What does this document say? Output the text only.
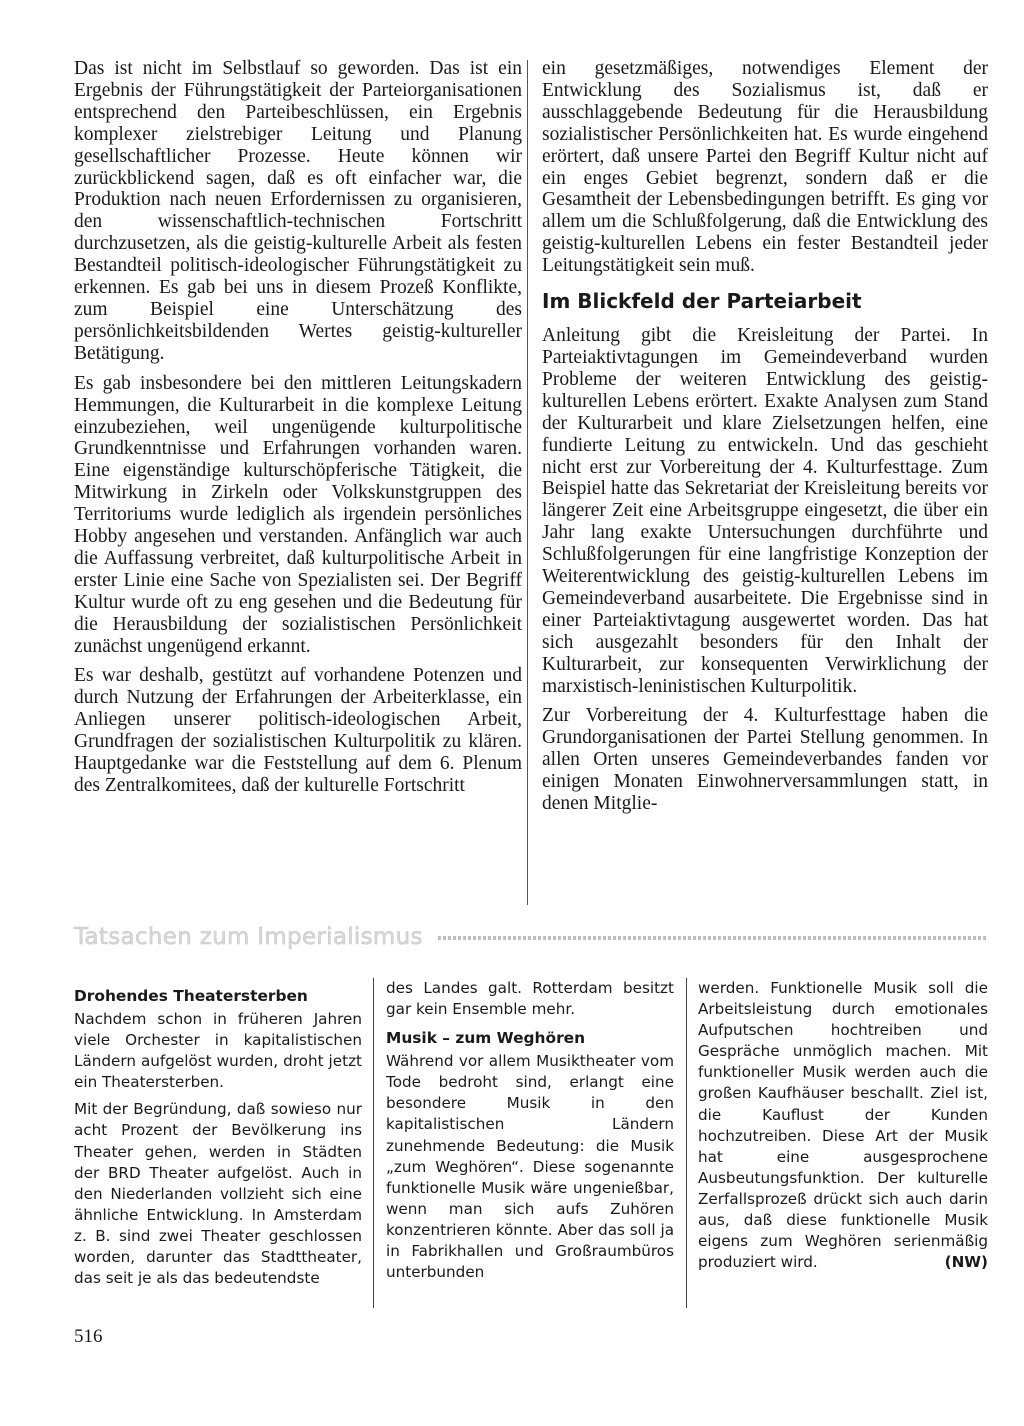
Das ist nicht im Selbstlauf so geworden. Das ist ein Ergebnis der Führungstätigkeit der Parteiorganisationen entsprechend den Parteibeschlüssen, ein Ergebnis komplexer zielstrebiger Leitung und Planung gesellschaftlicher Prozesse. Heute können wir zurückblickend sagen, daß es oft einfacher war, die Produktion nach neuen Erfordernissen zu organisieren, den wissenschaftlich-technischen Fortschritt durchzusetzen, als die geistig-kulturelle Arbeit als festen Bestandteil politisch-ideologischer Führungstätigkeit zu erkennen. Es gab bei uns in diesem Prozeß Konflikte, zum Beispiel eine Unterschätzung des persönlichkeitsbildenden Wertes geistig-kultureller Betätigung.

Es gab insbesondere bei den mittleren Leitungskadern Hemmungen, die Kulturarbeit in die komplexe Leitung einzubeziehen, weil ungenügende kulturpolitische Grundkenntnisse und Erfahrungen vorhanden waren. Eine eigenständige kulturschöpferische Tätigkeit, die Mitwirkung in Zirkeln oder Volkskunstgruppen des Territoriums wurde lediglich als irgendein persönliches Hobby angesehen und verstanden. Anfänglich war auch die Auffassung verbreitet, daß kulturpolitische Arbeit in erster Linie eine Sache von Spezialisten sei. Der Begriff Kultur wurde oft zu eng gesehen und die Bedeutung für die Herausbildung der sozialistischen Persönlichkeit zunächst ungenügend erkannt.

Es war deshalb, gestützt auf vorhandene Potenzen und durch Nutzung der Erfahrungen der Arbeiterklasse, ein Anliegen unserer politisch-ideologischen Arbeit, Grundfragen der sozialistischen Kulturpolitik zu klären. Hauptgedanke war die Feststellung auf dem 6. Plenum des Zentralkomitees, daß der kulturelle Fortschritt

ein gesetzmäßiges, notwendiges Element der Entwicklung des Sozialismus ist, daß er ausschlaggebende Bedeutung für die Herausbildung sozialistischer Persönlichkeiten hat. Es wurde eingehend erörtert, daß unsere Partei den Begriff Kultur nicht auf ein enges Gebiet begrenzt, sondern daß er die Gesamtheit der Lebensbedingungen betrifft. Es ging vor allem um die Schlußfolgerung, daß die Entwicklung des geistig-kulturellen Lebens ein fester Bestandteil jeder Leitungstätigkeit sein muß.

Im Blickfeld der Parteiarbeit

Anleitung gibt die Kreisleitung der Partei. In Parteiaktivtagungen im Gemeindeverband wurden Probleme der weiteren Entwicklung des geistig-kulturellen Lebens erörtert. Exakte Analysen zum Stand der Kulturarbeit und klare Zielsetzungen helfen, eine fundierte Leitung zu entwickeln. Und das geschieht nicht erst zur Vorbereitung der 4. Kulturfesttage. Zum Beispiel hatte das Sekretariat der Kreisleitung bereits vor längerer Zeit eine Arbeitsgruppe eingesetzt, die über ein Jahr lang exakte Untersuchungen durchführte und Schlußfolgerungen für eine langfristige Konzeption der Weiterentwicklung des geistig-kulturellen Lebens im Gemeindeverband ausarbeitete. Die Ergebnisse sind in einer Parteiaktivtagung ausgewertet worden. Das hat sich ausgezahlt besonders für den Inhalt der Kulturarbeit, zur konsequenten Verwirklichung der marxistisch-leninistischen Kulturpolitik.

Zur Vorbereitung der 4. Kulturfesttage haben die Grundorganisationen der Partei Stellung genommen. In allen Orten unseres Gemeindeverbandes fanden vor einigen Monaten Einwohnerversammlungen statt, in denen Mitglie-

Tatsachen zum Imperialismus
Drohendes Theatersterben

Nachdem schon in früheren Jahren viele Orchester in kapitalistischen Ländern aufgelöst wurden, droht jetzt ein Theatersterben.

Mit der Begründung, daß sowieso nur acht Prozent der Bevölkerung ins Theater gehen, werden in Städten der BRD Theater aufgelöst. Auch in den Niederlanden vollzieht sich eine ähnliche Entwicklung. In Amsterdam z. B. sind zwei Theater geschlossen worden, darunter das Stadttheater, das seit je als das bedeutendste

des Landes galt. Rotterdam besitzt gar kein Ensemble mehr.

Musik – zum Weghören

Während vor allem Musiktheater vom Tode bedroht sind, erlangt eine besondere Musik in den kapitalistischen Ländern zunehmende Bedeutung: die Musik „zum Weghören“. Diese sogenannte funktionelle Musik wäre ungenießbar, wenn man sich aufs Zuhören konzentrieren könnte. Aber das soll ja in Fabrikhallen und Großraumbüros unterbunden

werden. Funktionelle Musik soll die Arbeitsleistung durch emotionales Aufputschen hochtreiben und Gespräche unmöglich machen. Mit funktioneller Musik werden auch die großen Kaufhäuser beschallt. Ziel ist, die Kauflust der Kunden hochzutreiben. Diese Art der Musik hat eine ausgesprochene Ausbeutungsfunktion. Der kulturelle Zerfallsprozeß drückt sich auch darin aus, daß diese funktionelle Musik eigens zum Weghören serienmäßig produziert wird.	(NW)

516
